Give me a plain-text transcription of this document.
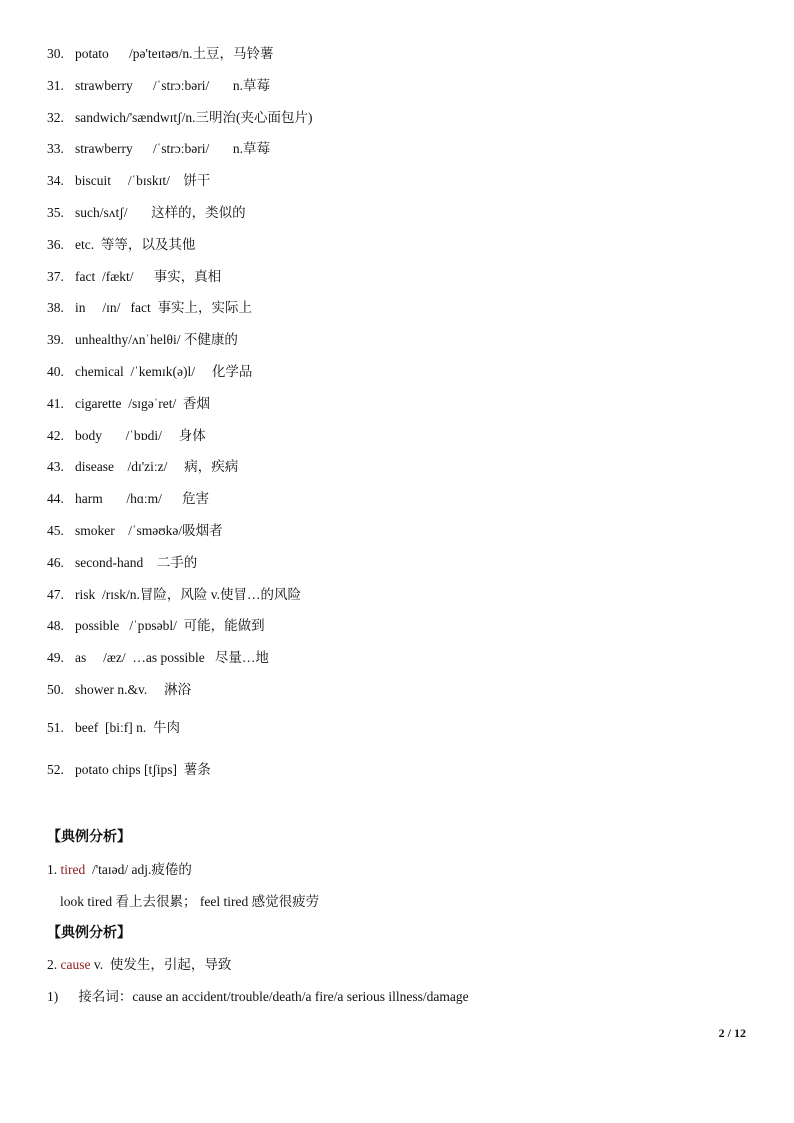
30. potato      /pə'teɪtəʊ/n.土豆，马铃薯
31. strawberry      /ˈstrɔːbəri/       n.草莓
32. sandwich/'sændwɪtʃ/n.三明治(夹心面包片)
33. strawberry      /ˈstrɔːbəri/       n.草莓
34. biscuit     /ˈbɪskɪt/    饼干
35. such/sʌtʃ/       这样的，类似的
36. etc.  等等，以及其他
37. fact  /fækt/      事实，真相
38. in     /ɪn/   fact  事实上，实际上
39. unhealthy/ʌnˈhelθi/ 不健康的
40. chemical  /ˈkemɪk(ə)l/     化学品
41. cigarette  /sɪgəˈret/  香烟
42. body       /ˈbɒdi/     身体
43. disease    /dɪ'ziːz/     病，疾病
44. harm       /hɑːm/      危害
45. smoker    /ˈsməʊkə/吸烟者
46. second-hand    二手的
47. risk  /rɪsk/n.冒险，风险 v.使冒…的风险
48. possible   /ˈpɒsəbl/  可能，能做到
49. as     /æz/  …as possible   尽量…地
50. shower n.&v.     淋浴
51. beef  [biːf] n.  牛肉
52. potato chips [tʃips]  薯条
【典例分析】
1. tired  /'taɪəd/ adj.疲倦的
look tired 看上去很累； feel tired 感觉很疲劳
【典例分析】
2. cause v.  使发生，引起，导致
1) 接名词：cause an accident/trouble/death/a fire/a serious illness/damage
2 / 12
